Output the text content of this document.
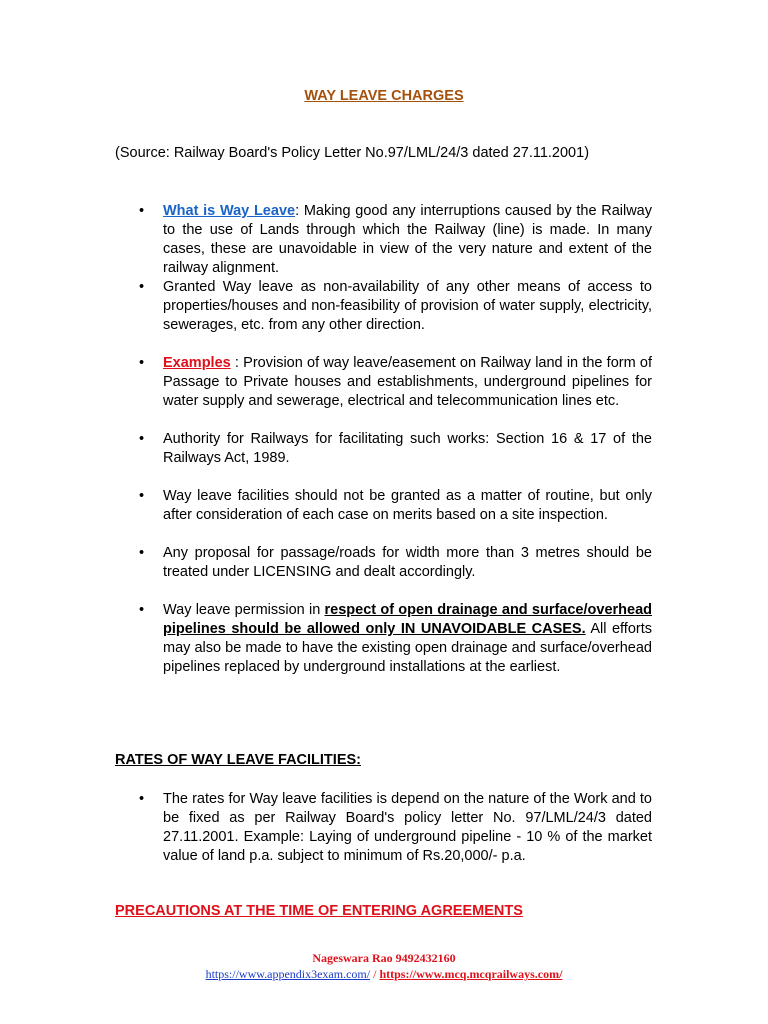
WAY LEAVE CHARGES
(Source: Railway Board's Policy Letter No.97/LML/24/3 dated 27.11.2001)
• What is Way Leave: Making good any interruptions caused by the Railway to the use of Lands through which the Railway (line) is made. In many cases, these are unavoidable in view of the very nature and extent of the railway alignment.
• Granted Way leave as non-availability of any other means of access to properties/houses and non-feasibility of provision of water supply, electricity, sewerages, etc. from any other direction.
• Examples : Provision of way leave/easement on Railway land in the form of Passage to Private houses and establishments, underground pipelines for water supply and sewerage, electrical and telecommunication lines etc.
• Authority for Railways for facilitating such works: Section 16 & 17 of the Railways Act, 1989.
• Way leave facilities should not be granted as a matter of routine, but only after consideration of each case on merits based on a site inspection.
• Any proposal for passage/roads for width more than 3 metres should be treated under LICENSING and dealt accordingly.
• Way leave permission in respect of open drainage and surface/overhead pipelines should be allowed only IN UNAVOIDABLE CASES. All efforts may also be made to have the existing open drainage and surface/overhead pipelines replaced by underground installations at the earliest.
RATES OF WAY LEAVE FACILITIES:
• The rates for Way leave facilities is depend on the nature of the Work and to be fixed as per Railway Board's policy letter No. 97/LML/24/3 dated 27.11.2001. Example: Laying of underground pipeline - 10 % of the market value of land p.a. subject to minimum of Rs.20,000/- p.a.
PRECAUTIONS AT THE TIME OF ENTERING AGREEMENTS
Nageswara Rao 9492432160
https://www.appendix3exam.com/ / https://www.mcq.mcqrailways.com/
